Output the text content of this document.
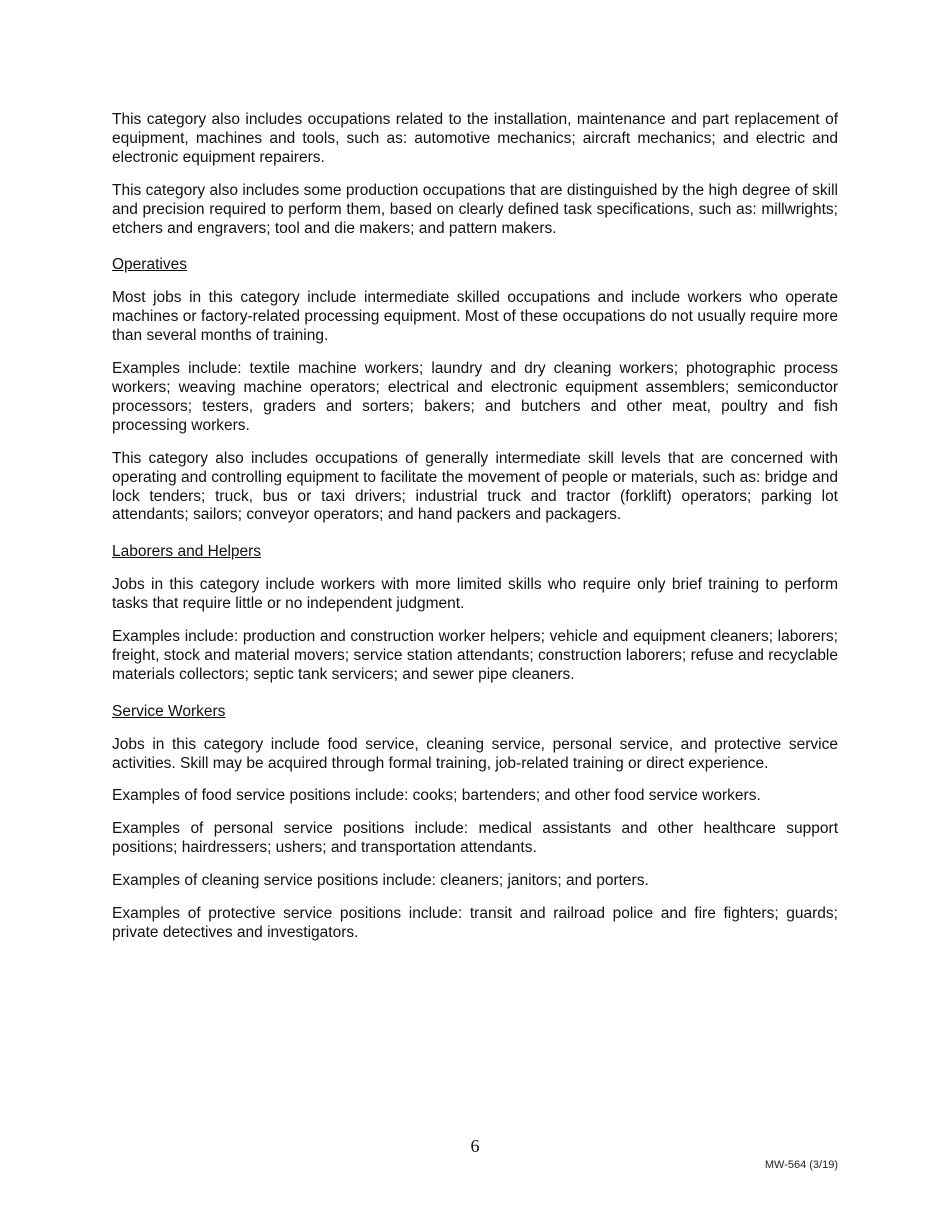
This category also includes occupations related to the installation, maintenance and part replacement of equipment, machines and tools, such as: automotive mechanics; aircraft mechanics; and electric and electronic equipment repairers.

This category also includes some production occupations that are distinguished by the high degree of skill and precision required to perform them, based on clearly defined task specifications, such as: millwrights; etchers and engravers; tool and die makers; and pattern makers.

Operatives

Most jobs in this category include intermediate skilled occupations and include workers who operate machines or factory-related processing equipment. Most of these occupations do not usually require more than several months of training.

Examples include: textile machine workers; laundry and dry cleaning workers; photographic process workers; weaving machine operators; electrical and electronic equipment assemblers; semiconductor processors; testers, graders and sorters; bakers; and butchers and other meat, poultry and fish processing workers.

This category also includes occupations of generally intermediate skill levels that are concerned with operating and controlling equipment to facilitate the movement of people or materials, such as: bridge and lock tenders; truck, bus or taxi drivers; industrial truck and tractor (forklift) operators; parking lot attendants; sailors; conveyor operators; and hand packers and packagers.

Laborers and Helpers

Jobs in this category include workers with more limited skills who require only brief training to perform tasks that require little or no independent judgment.

Examples include: production and construction worker helpers; vehicle and equipment cleaners; laborers; freight, stock and material movers; service station attendants; construction laborers; refuse and recyclable materials collectors; septic tank servicers; and sewer pipe cleaners.

Service Workers

Jobs in this category include food service, cleaning service, personal service, and protective service activities. Skill may be acquired through formal training, job-related training or direct experience.

Examples of food service positions include: cooks; bartenders; and other food service workers.

Examples of personal service positions include: medical assistants and other healthcare support positions; hairdressers; ushers; and transportation attendants.

Examples of cleaning service positions include: cleaners; janitors; and porters.

Examples of protective service positions include: transit and railroad police and fire fighters; guards; private detectives and investigators.

6
MW-564 (3/19)
